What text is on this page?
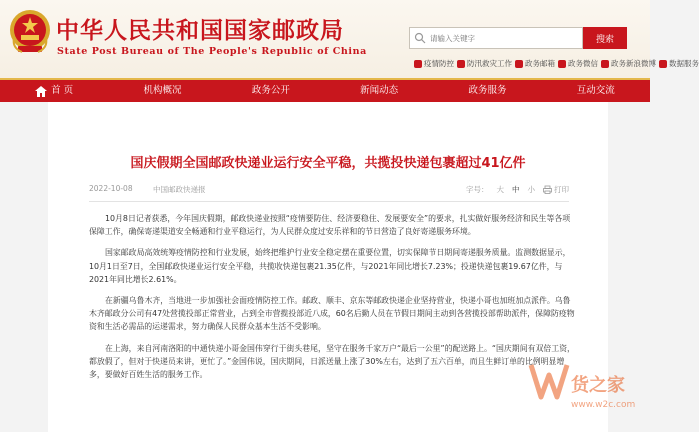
中华人民共和国国家邮政局
State Post Bureau of The People's Republic of China
请输入关键字
搜索
疫情防控 防汛救灾工作 政务邮箱 政务微信 政务新浪微博 数据服务
首 页	机构概况	政务公开	新闻动态	政务服务	互动交流
国庆假期全国邮政快递业运行安全平稳，共揽投快递包裹超过41亿件
2022-10-08	中国邮政快递报	字号： 大 中 小	打印

10月8日记者获悉，今年国庆假期，邮政快递业按照“疫情要防住、经济要稳住、发展要安全”的要求，扎实做好服务经济和民生等各项保障工作，确保寄递渠道安全畅通和行业平稳运行，为人民群众度过安乐祥和的节日营造了良好寄递服务环境。

国家邮政局高效统筹疫情防控和行业发展，始终把维护行业安全稳定摆在重要位置，切实保障节日期间寄递服务质量。监测数据显示，10月1日至7日，全国邮政快递业运行安全平稳，共揽收快递包裹21.35亿件，与2021年同比增长7.23%；投递快递包裹19.67亿件，与2021年同比增长2.61%。

在新疆乌鲁木齐，当地进一步加强社会面疫情防控工作。邮政、顺丰、京东等邮政快递企业坚持营业，快递小哥也加班加点派件。乌鲁木齐邮政分公司有47处营揽投部正常营业，占到全市营揽投部近八成，60名后勤人员在节假日期间主动到各营揽投部帮助派件，保障防疫物资和生活必需品的运递需求，努力确保人民群众基本生活不受影响。

在上海，来自河南洛阳的中通快递小哥金国伟穿行于街头巷尾，坚守在服务千家万户“最后一公里”的配送路上。“国庆期间有双倍工资，都放假了，但对于快递员来讲，更忙了。”金国伟说，国庆期间，日派送量上涨了30%左右，达到了五六百单，而且生鲜订单的比例明显增多，要做好百姓生活的服务工作。

货之家
www.w2c.com
